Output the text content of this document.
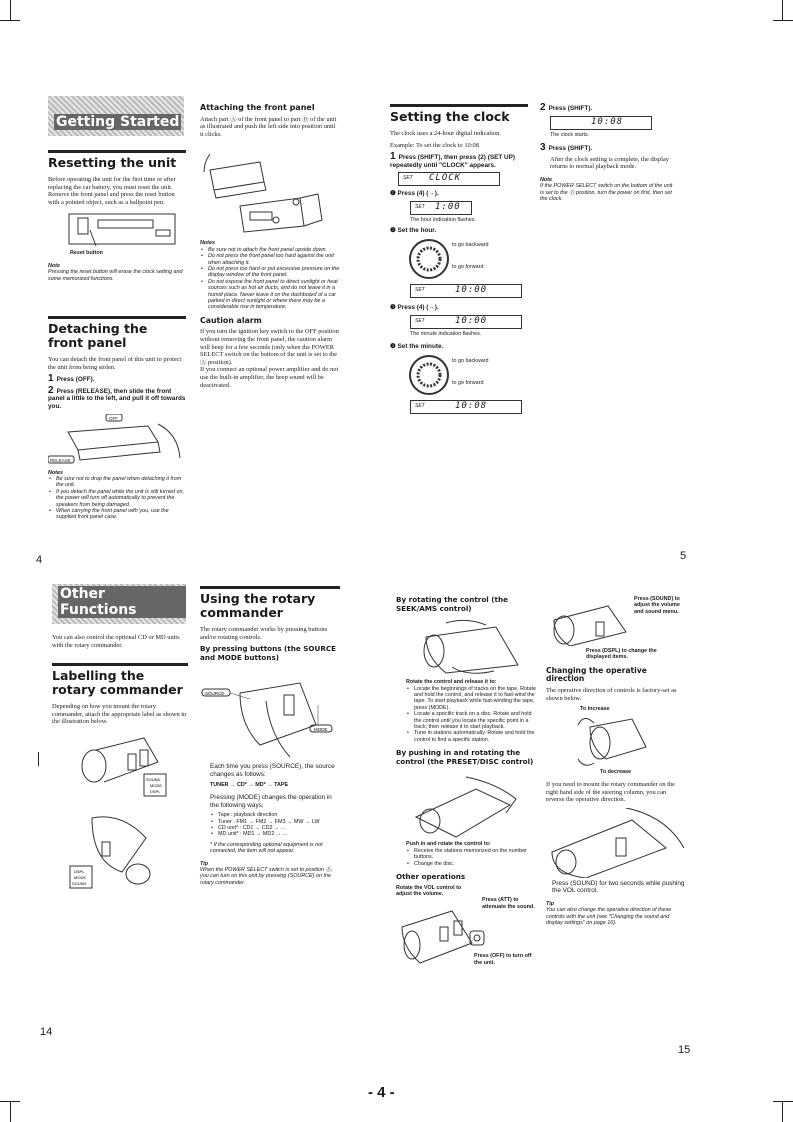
Getting Started
Resetting the unit
Before operating the unit for the first time or after replacing the car battery, you must reset the unit.
Remove the front panel and press the reset button with a pointed object, such as a ballpoint pen.
Reset button
Note
Pressing the reset button will erase the clock setting and some memorized functions.
Detaching the front panel
You can detach the front panel of this unit to protect the unit from being stolen.
1 Press (OFF).
2 Press (RELEASE), then slide the front panel a little to the left, and pull it off towards you.
OFF
RELEASE
Notes
• Be sure not to drop the panel when detaching it from the unit.
• If you detach the panel while the unit is still turned on, the power will turn off automatically to prevent the speakers from being damaged.
• When carrying the front panel with you, use the supplied front panel case.
Attaching the front panel
Attach part Ⓐ of the front panel to part Ⓑ of the unit as illustrated and push the left side into position until it clicks.
Notes
• Be sure not to attach the front panel upside down.
• Do not press the front panel too hard against the unit when attaching it.
• Do not press too hard or put excessive pressure on the display window of the front panel.
• Do not expose the front panel to direct sunlight or heat sources such as hot air ducts, and do not leave it in a humid place. Never leave it on the dashboard of a car parked in direct sunlight or where there may be a considerable rise in temperature.
Caution alarm
If you turn the ignition key switch to the OFF position without removing the front panel, the caution alarm will beep for a few seconds (only when the POWER SELECT switch on the bottom of the unit is set to the Ⓐ position).
If you connect an optional power amplifier and do not use the built-in amplifier, the beep sound will be deactivated.
Setting the clock
The clock uses a 24-hour digital indication.
Example: To set the clock to 10:08
1 Press (SHIFT), then press (2) (SET UP) repeatedly until "CLOCK" appears.
SET CLOCK
❶ Press (4) (→).
SET 1:00
The hour indication flashes.
❷ Set the hour.
to go backward
to go forward
SET	10:00
❸ Press (4) (→).
SET	10:00
The minute indication flashes.
❹ Set the minute.
to go backward
to go forward
SET	10:08
2 Press (SHIFT).
10:08
The clock starts.
3 Press (SHIFT).
After the clock setting is complete, the display returns to normal playback mode.
Note
If the POWER SELECT switch on the bottom of the unit is set to the Ⓑ position, turn the power on first, then set the clock.
4	5
Other Functions
You can also control the optional CD or MD units with the rotary commander.
Labelling the rotary commander
Depending on how you mount the rotary commander, attach the appropriate label as shown in the illustration below.
SOUND
MODE
DSPL
DSPL
MODE
SOUND
Using the rotary commander
The rotary commander works by pressing buttons and/or rotating controls.
By pressing buttons (the SOURCE and MODE buttons)
SOURCE
MODE
Each time you press (SOURCE), the source changes as follows:
TUNER → CD* → MD* → TAPE
Pressing (MODE) changes the operation in the following ways;
• Tape : playback direction
• Tuner : FM1 → FM2 → FM3 → MW → LW
• CD unit* : CD1 → CD2 → ...
• MD unit* : MD1 → MD2 → ...
* If the corresponding optional equipment is not connected, the item will not appear.
Tip
When the POWER SELECT switch is set to position Ⓑ, you can turn on this unit by pressing (SOURCE) on the rotary commander.
By rotating the control (the SEEK/AMS control)
Rotate the control and release it to:
• Locate the beginnings of tracks on the tape. Rotate and hold the control, and release it to fast-wind the tape. To start playback while fast-winding the tape, press (MODE).
• Locate a specific track on a disc. Rotate and hold the control until you locate the specific point in a track, then release it to start playback.
• Tune in stations automatically. Rotate and hold the control to find a specific station.
By pushing in and rotating the control (the PRESET/DISC control)
Push in and rotate the control to:
• Receive the stations memorized on the number buttons.
• Change the disc.
Other operations
Rotate the VOL control to adjust the volume.
Press (ATT) to attenuate the sound.
Press (OFF) to turn off the unit.
Press (SOUND) to adjust the volume and sound menu.
Press (DSPL) to change the displayed items.
Changing the operative direction
The operative direction of controls is factory-set as shown below.
To increase
To decrease
If you need to mount the rotary commander on the right hand side of the steering column, you can reverse the operative direction.
Press (SOUND) for two seconds while pushing the VOL control.
Tip
You can also change the operative direction of these controls with the unit (see "Changing the sound and display settings" on page 16).
14
15
- 4 -
